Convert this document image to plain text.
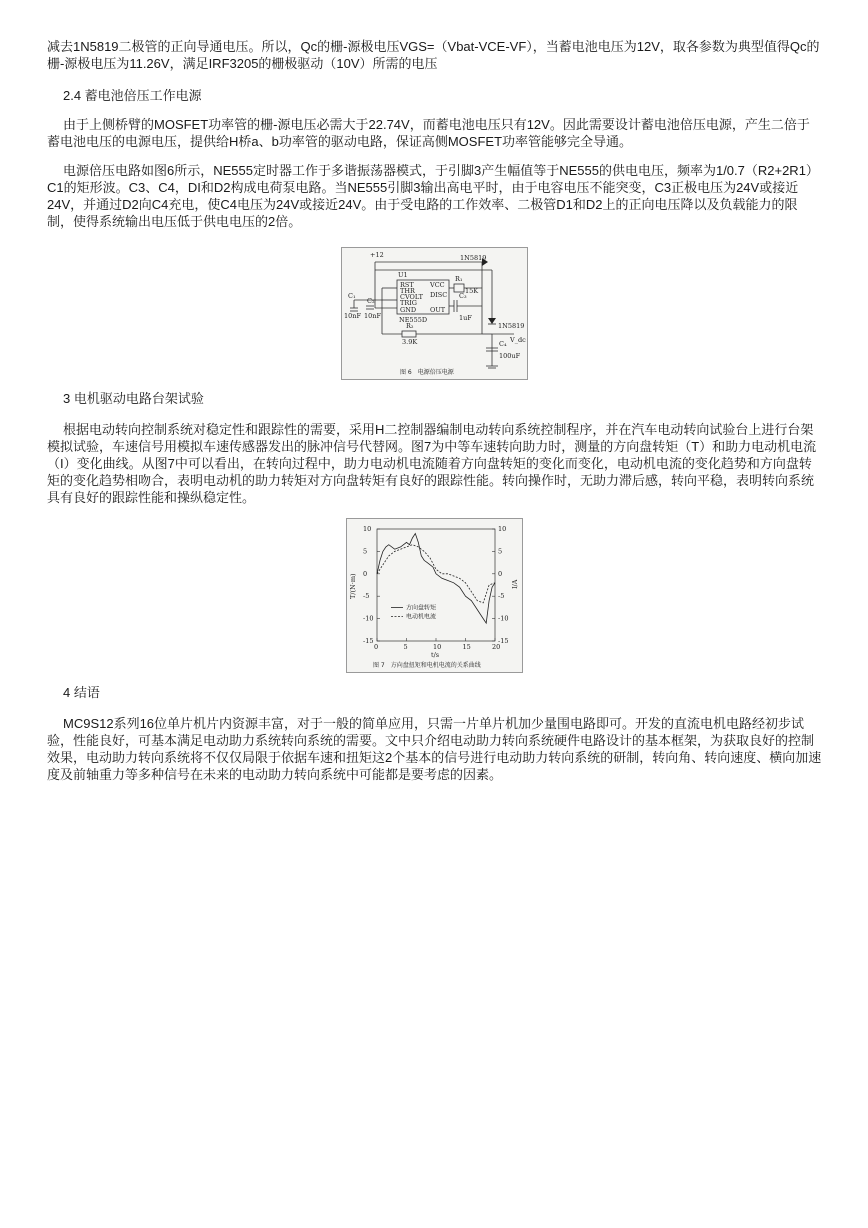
减去1N5819二极管的正向导通电压。所以，Qc的栅-源极电压VGS=（Vbat-VCE-VF），当蓄电池电压为12V，取各参数为典型值得Qc的栅-源极电压为11.26V，满足IRF3205的栅极驱动（10V）所需的电压

2.4 蓄电池倍压工作电源

由于上侧桥臂的MOSFET功率管的栅-源电压必需大于22.74V，而蓄电池电压只有12V。因此需要设计蓄电池倍压电源，产生二倍于蓄电池电压的电源电压，提供给H桥a、b功率管的驱动电路，保证高侧MOSFET功率管能够完全导通。

电源倍压电路如图6所示，NE555定时器工作于多谐振荡器模式，于引脚3产生幅值等于NE555的供电电压，频率为1/0.7（R2+2R1）C1的矩形波。C3、C4，DI和D2构成电荷泵电路。当NE555引脚3输出高电平时，由于电容电压不能突变，C3正极电压为24V或接近24V，并通过D2向C4充电，使C4电压为24V或接近24V。由于受电路的工作效率、二极管D1和D2上的正向电压降以及负载能力的限制，使得系统输出电压低于供电电压的2倍。

+12
U1
1N5819
R₁
15K
R₂
3.9K
C₁
10nF
C₂
10nF
C₃
1uF
C₄
100uF
1N5819
V_dc
NE555D
RST
THR
CVOLT
TRIG
GND
VCC
DISC
OUT
图 6　电源倍压电源

3 电机驱动电路台架试验

根据电动转向控制系统对稳定性和跟踪性的需要，采用H二控制器编制电动转向系统控制程序，并在汽车电动转向试验台上进行台架模拟试验，车速信号用模拟车速传感器发出的脉冲信号代替网。图7为中等车速转向助力时，测量的方向盘转矩（T）和助力电动机电流（I）变化曲线。从图7中可以看出，在转向过程中，助力电动机电流随着方向盘转矩的变化而变化，电动机电流的变化趋势和方向盘转矩的变化趋势相吻合，表明电动机的助力转矩对方向盘转矩有良好的跟踪性能。转向操作时，无助力滞后感，转向平稳，表明转向系统具有良好的跟踪性能和操纵稳定性。

0	5	10	15	20
10
5
0
-5
-10
-15
10
5
0
-5
-10
-15
方向盘转矩
电动机电流
t/s
T/(N·m)	I/A
图 7　方向盘扭矩和电机电流的关系曲线

4 结语

MC9S12系列16位单片机片内资源丰富，对于一般的简单应用，只需一片单片机加少量围电路即可。开发的直流电机电路经初步试验，性能良好，可基本满足电动助力系统转向系统的需要。文中只介绍电动助力转向系统硬件电路设计的基本框架，为获取良好的控制效果，电动助力转向系统将不仅仅局限于依据车速和扭矩这2个基本的信号进行电动助力转向系统的研制，转向角、转向速度、横向加速度及前轴重力等多种信号在未来的电动助力转向系统中可能都是要考虑的因素。
